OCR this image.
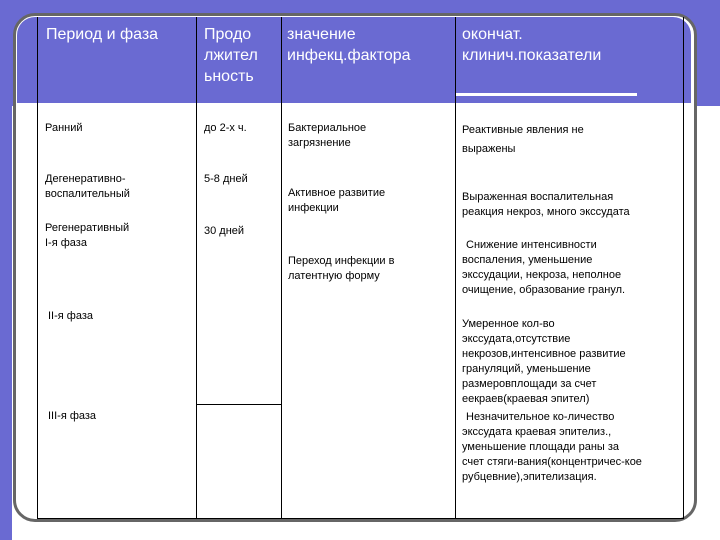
Период и фаза	Продо
лжител
ьность
значение
инфекц.фактора
окончат.
клинич.показатели
Ранний
Дегенеративно-
воспалительный
Регенеративный
I-я фаза
II-я фаза
III-я фаза
до 2-х ч.
5-8 дней
30 дней
Бактериальное
загрязнение
Активное развитие
инфекции
Переход инфекции в
латентную форму
Реактивные явления не
выражены
Выраженная воспалительная
реакция некроз, много экссудата
Снижение интенсивности
воспаления, уменьшение
экссудации, некроза, неполное
очищение, образование гранул.
Умеренное кол-во
экссудата,отсутствие
некрозов,интенсивное развитие
грануляций, уменьшение
размеровплощади за счет
еекраев(краевая эпител)
Незначительное ко-личество
экссудата краевая эпителиз.,
уменьшение площади раны за
счет стяги-вания(концентричес-кое
рубцевние),эпителизация.
